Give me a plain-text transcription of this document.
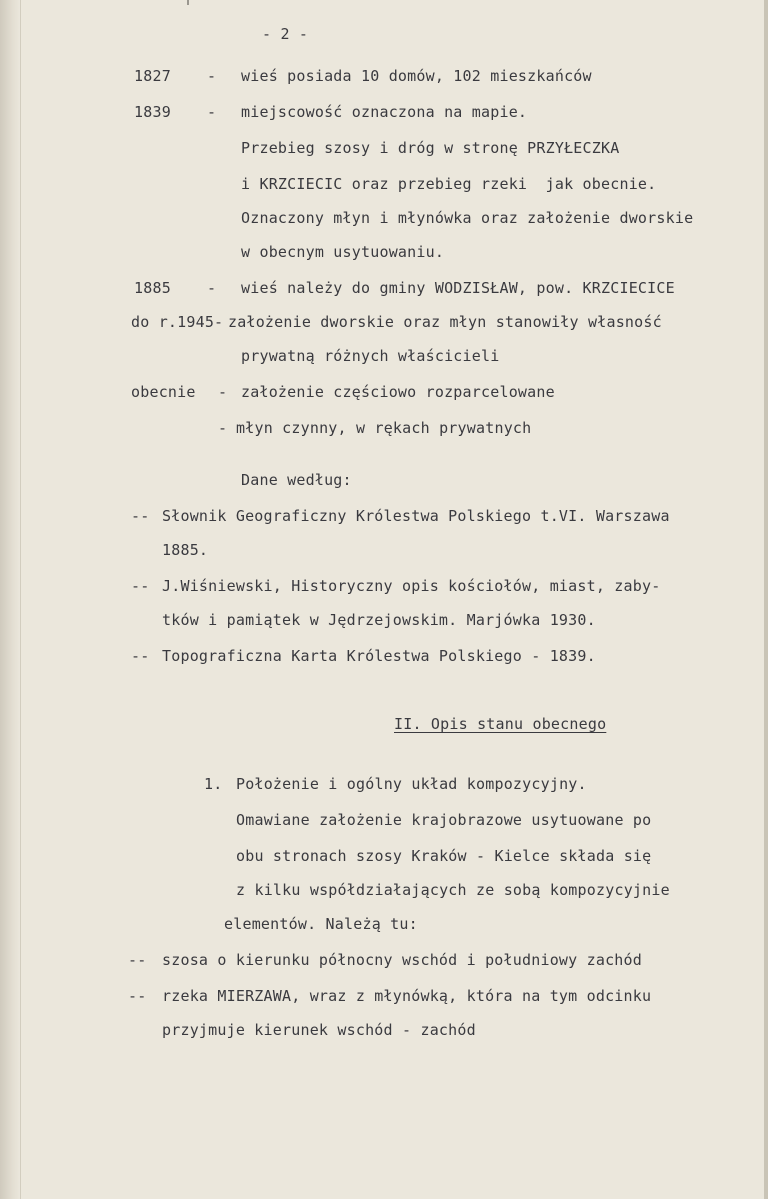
- 2 -
1827 - wieś posiada 10 domów, 102 mieszkańców
1839 - miejscowość oznaczona na mapie.
Przebieg szosy i dróg w stronę PRZYŁECZKA
i KRZCIECIC oraz przebieg rzeki  jak obecnie.
Oznaczony młyn i młynówka oraz założenie dworskie
w obecnym usytuowaniu.
1885 - wieś należy do gminy WODZISŁAW, pow. KRZCIECICE
do r.1945 - założenie dworskie oraz młyn stanowiły własność
prywatną różnych właścicieli
obecnie - założenie częściowo rozparcelowane
- młyn czynny, w rękach prywatnych
Dane według:
-- Słownik Geograficzny Królestwa Polskiego t.VI. Warszawa
1885.
-- J.Wiśniewski, Historyczny opis kościołów, miast, zaby-
tków i pamiątek w Jędrzejowskim. Marjówka 1930.
-- Topograficzna Karta Królestwa Polskiego - 1839.
II. Opis stanu obecnego
1. Położenie i ogólny układ kompozycyjny.
Omawiane założenie krajobrazowe usytuowane po
obu stronach szosy Kraków - Kielce składa się
z kilku współdziałających ze sobą kompozycyjnie
elementów. Należą tu:
-- szosa o kierunku północny wschód i południowy zachód
-- rzeka MIERZAWA, wraz z młynówką, która na tym odcinku
przyjmuje kierunek wschód - zachód
